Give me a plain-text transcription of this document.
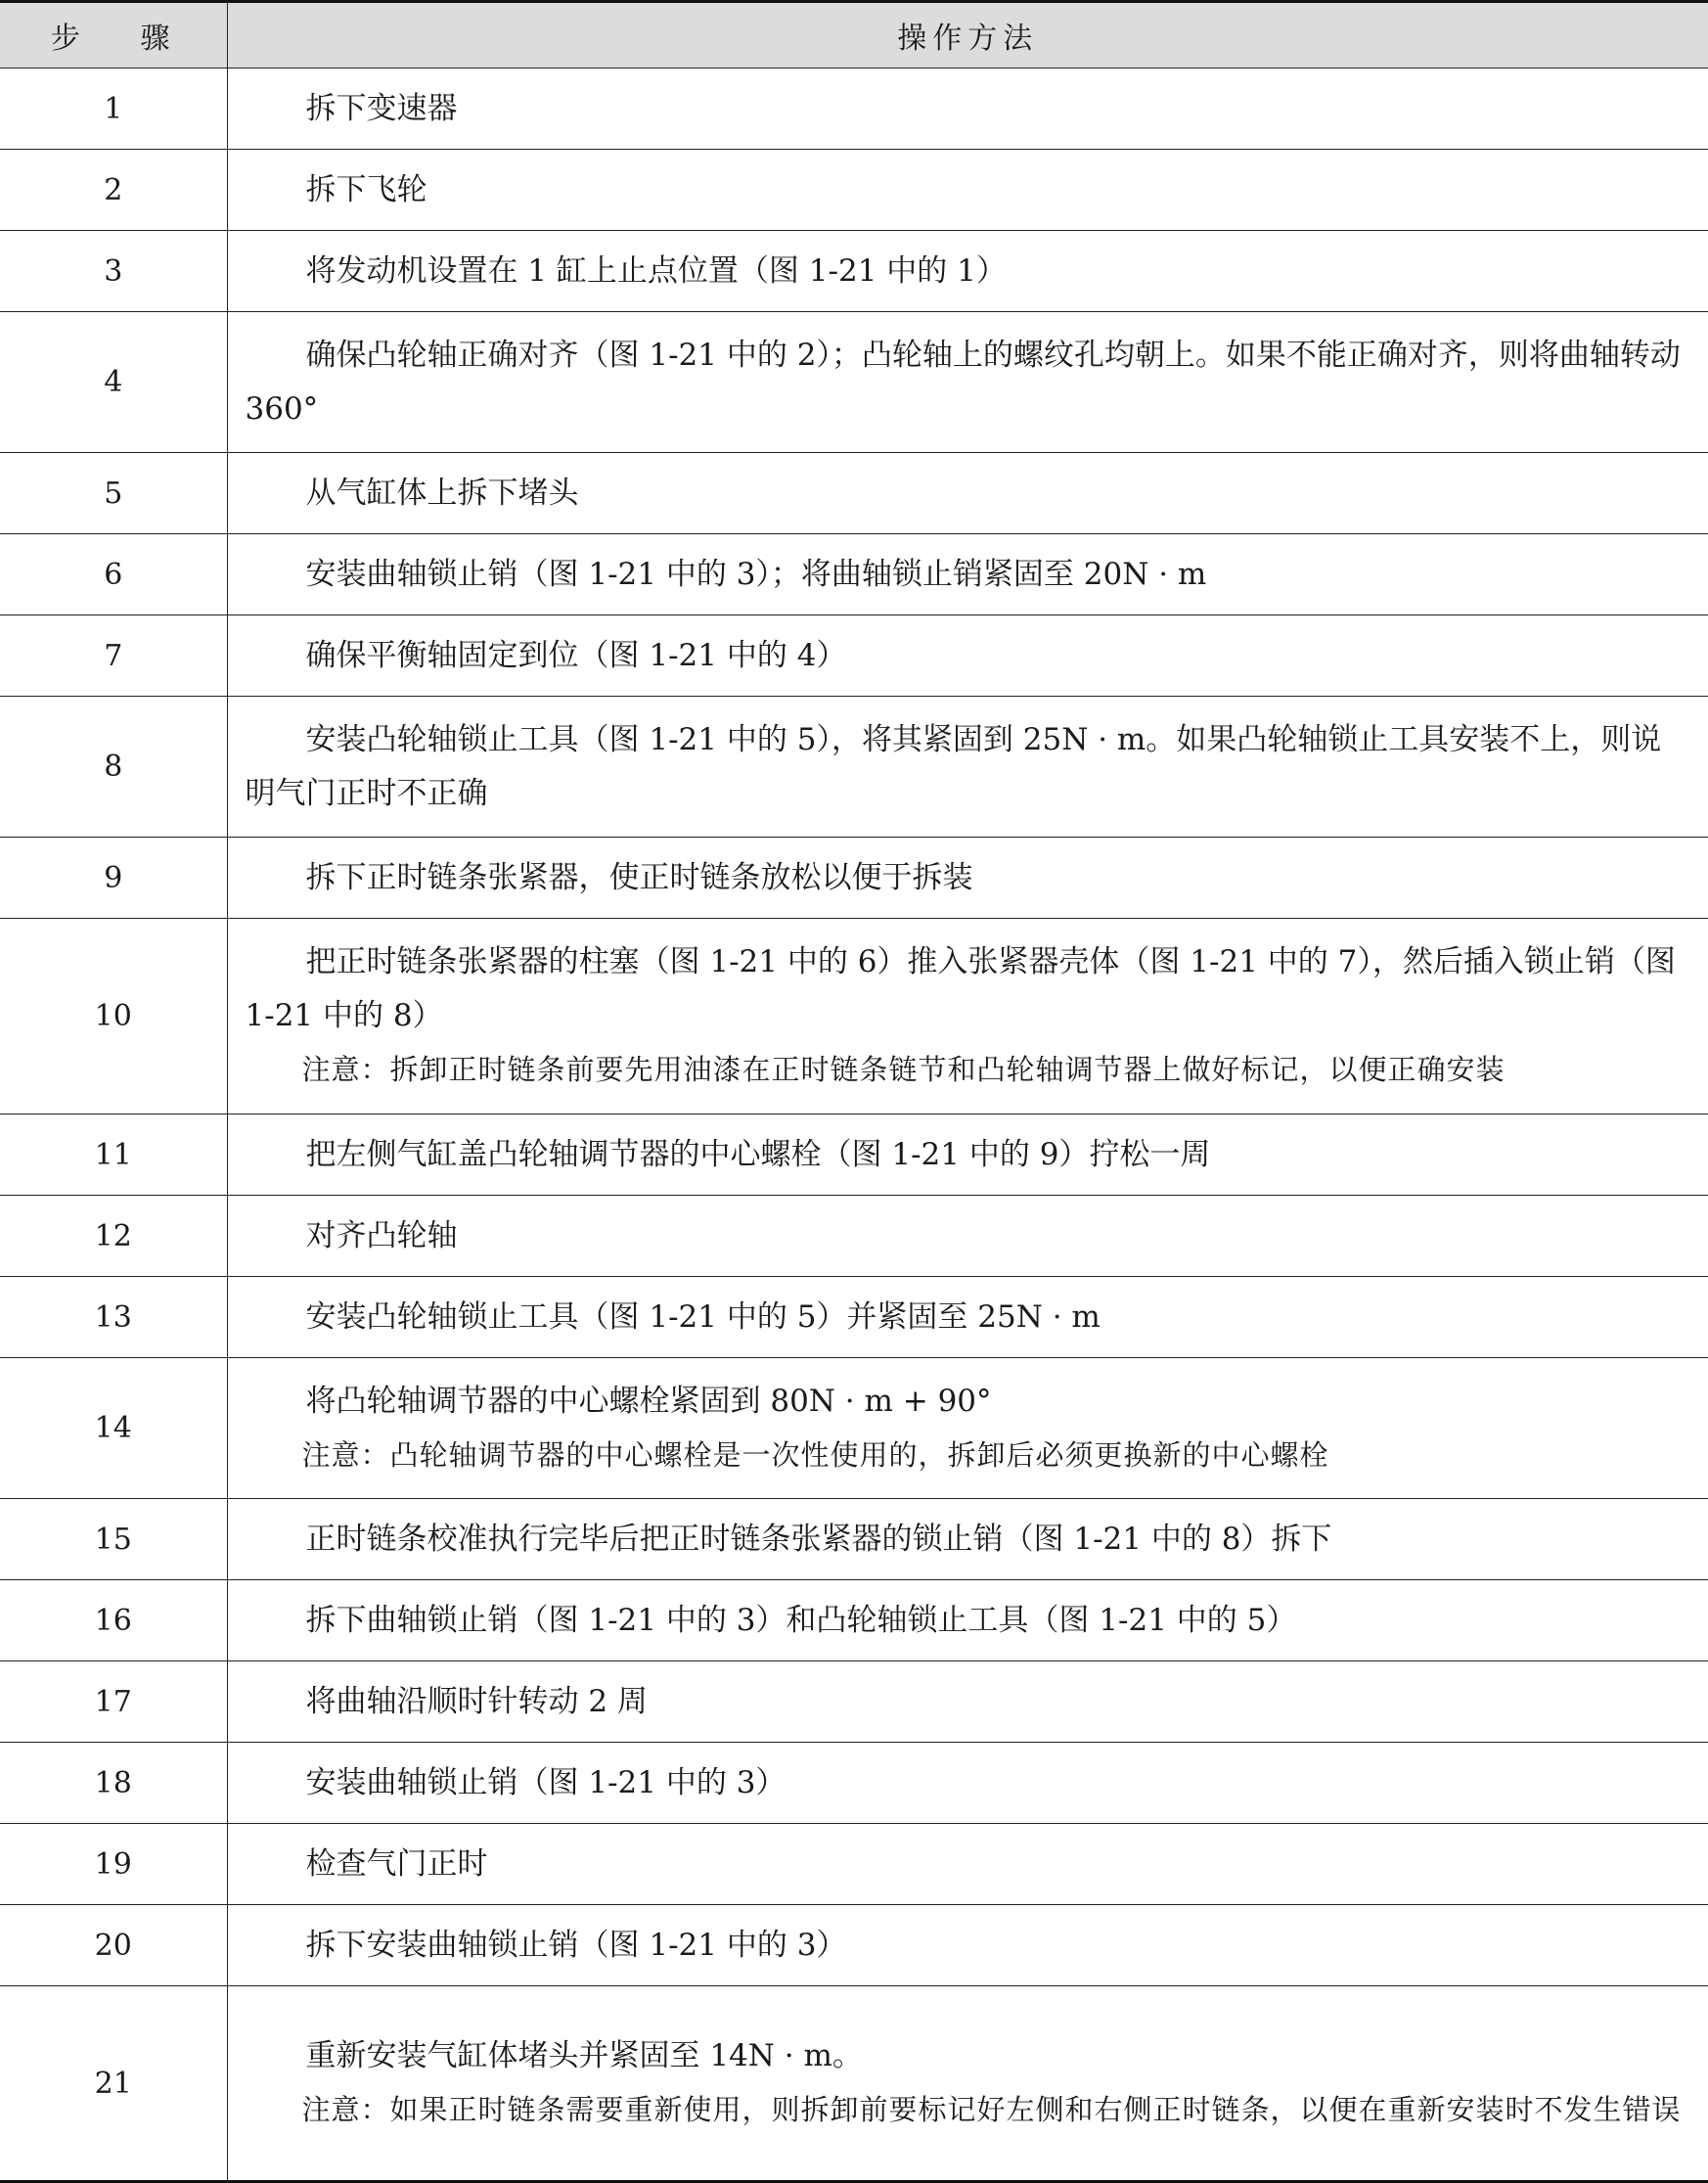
步 骤	操作方法
1	拆下变速器

2	拆下飞轮

3	将发动机设置在 1 缸上止点位置（图 1-21 中的 1）

4	确保凸轮轴正确对齐（图 1-21 中的 2）；凸轮轴上的螺纹孔均朝上。如果不能正确对齐，则将曲轴转动 360°

5	从气缸体上拆下堵头

6	安装曲轴锁止销（图 1-21 中的 3）；将曲轴锁止销紧固至 20N · m

7	确保平衡轴固定到位（图 1-21 中的 4）

8	安装凸轮轴锁止工具（图 1-21 中的 5），将其紧固到 25N · m。如果凸轮轴锁止工具安装不上，则说明气门正时不正确

9	拆下正时链条张紧器，使正时链条放松以便于拆装

10	把正时链条张紧器的柱塞（图 1-21 中的 6）推入张紧器壳体（图 1-21 中的 7），然后插入锁止销（图 1-21 中的 8）
注意：拆卸正时链条前要先用油漆在正时链条链节和凸轮轴调节器上做好标记，以便正确安装

11	把左侧气缸盖凸轮轴调节器的中心螺栓（图 1-21 中的 9）拧松一周

12	对齐凸轮轴

13	安装凸轮轴锁止工具（图 1-21 中的 5）并紧固至 25N · m

14	将凸轮轴调节器的中心螺栓紧固到 80N · m + 90°
注意：凸轮轴调节器的中心螺栓是一次性使用的，拆卸后必须更换新的中心螺栓

15	正时链条校准执行完毕后把正时链条张紧器的锁止销（图 1-21 中的 8）拆下

16	拆下曲轴锁止销（图 1-21 中的 3）和凸轮轴锁止工具（图 1-21 中的 5）

17	将曲轴沿顺时针转动 2 周

18	安装曲轴锁止销（图 1-21 中的 3）

19	检查气门正时

20	拆下安装曲轴锁止销（图 1-21 中的 3）

21	重新安装气缸体堵头并紧固至 14N · m。
注意：如果正时链条需要重新使用，则拆卸前要标记好左侧和右侧正时链条，以便在重新安装时不发生错误
